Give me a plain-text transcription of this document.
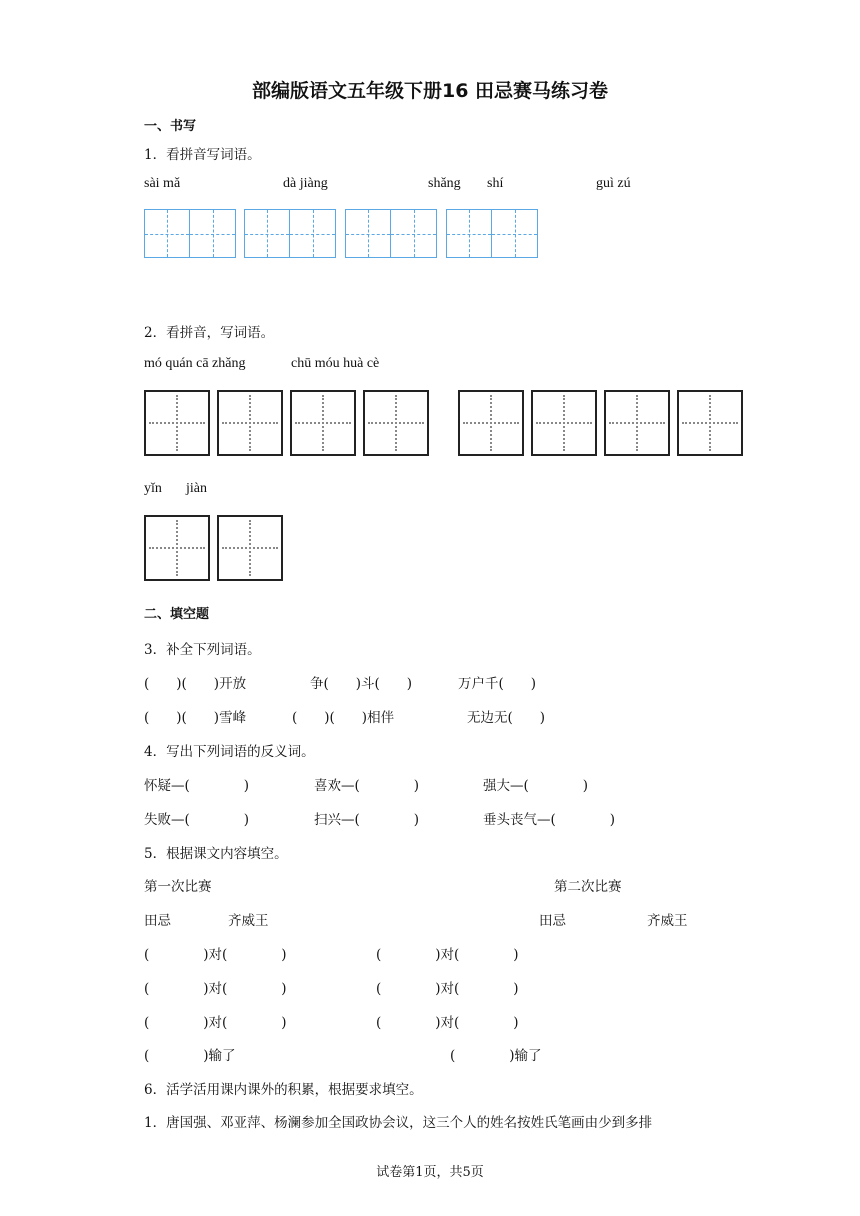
部编版语文五年级下册16 田忌赛马练习卷
一、书写
1．看拼音写词语。
sài mǎ	dà jiàng	shǎng shí	guì zú
2．看拼音，写词语。
mó quán cā zhǎng	chū móu huà cè
yǐn jiàn
二、填空题
3．补全下列词语。
(　　)(　　)开放	争(　　)斗(　　)	万户千(　　)
(　　)(　　)雪峰	(　　)(　　)相伴	无边无(　　)
4．写出下列词语的反义词。
怀疑—(　　　　)	喜欢—(　　　　)	强大—(　　　　)
失败—(　　　　)	扫兴—(　　　　)	垂头丧气—(　　　　)
5．根据课文内容填空。
第一次比赛	第二次比赛
田忌	齐威王	田忌	齐威王
(　　　　)对(　　　　)	(　　　　)对(　　　　)
(　　　　)对(　　　　)	(　　　　)对(　　　　)
(　　　　)对(　　　　)	(　　　　)对(　　　　)
(　　　　)输了	(　　　　)输了
6．活学活用课内课外的积累，根据要求填空。
1．唐国强、邓亚萍、杨澜参加全国政协会议，这三个人的姓名按姓氏笔画由少到多排
试卷第1页，共5页
